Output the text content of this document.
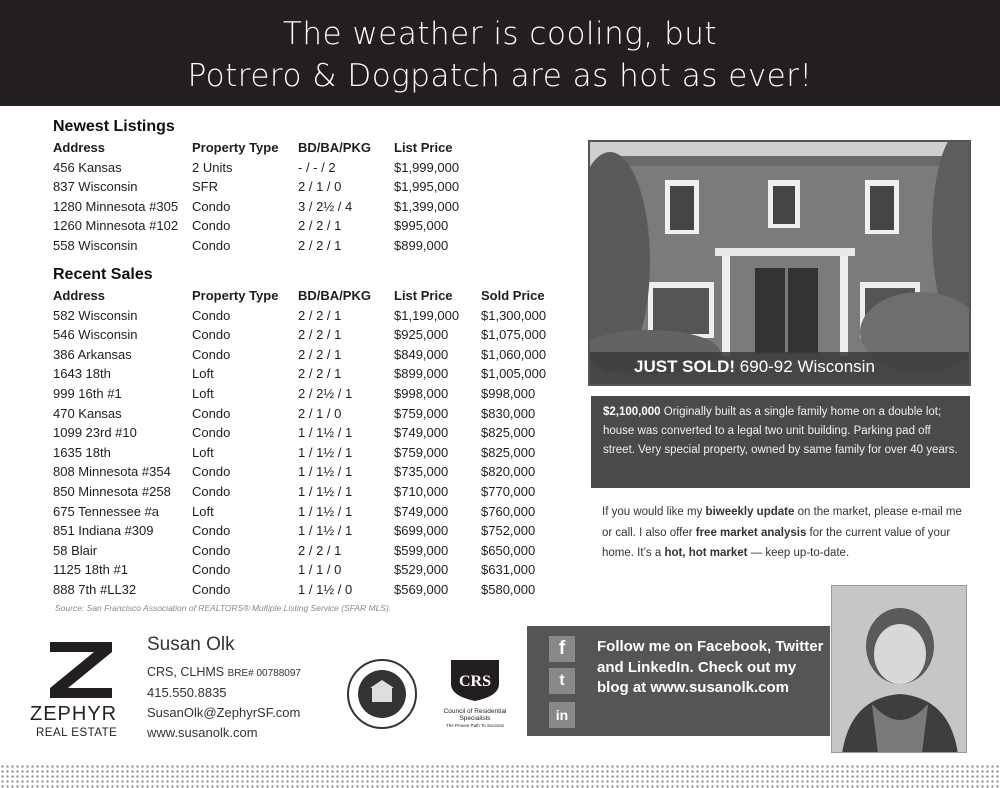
The weather is cooling, but
Potrero & Dogpatch are as hot as ever!
Newest Listings
Address	Property Type BD/BA/PKG List Price
456 Kansas	2 Units	- / - / 2	$1,999,000
837 Wisconsin	SFR	2 / 1 / 0	$1,995,000
1280 Minnesota #305 Condo	3 / 2½ / 4	$1,399,000
1260 Minnesota #102 Condo	2 / 2 / 1	$995,000
558 Wisconsin	Condo	2 / 2 / 1	$899,000
Recent Sales
Address	Property Type BD/BA/PKG List Price Sold Price
582 Wisconsin	Condo	2 / 2 / 1	$1,199,000 $1,300,000
546 Wisconsin	Condo	2 / 2 / 1	$925,000	$1,075,000
386 Arkansas	Condo	2 / 2 / 1	$849,000	$1,060,000
1643 18th	Loft	2 / 2 / 1	$899,000	$1,005,000
999 16th #1	Loft	2 / 2½ / 1	$998,000	$998,000
470 Kansas	Condo	2 / 1 / 0	$759,000	$830,000
1099 23rd #10	Condo	1 / 1½ / 1	$749,000	$825,000
1635 18th	Loft	1 / 1½ / 1	$759,000	$825,000
808 Minnesota #354 Condo	1 / 1½ / 1	$735,000	$820,000
850 Minnesota #258 Condo	1 / 1½ / 1	$710,000	$770,000
675 Tennessee #a	Loft	1 / 1½ / 1	$749,000	$760,000
851 Indiana #309	Condo	1 / 1½ / 1	$699,000	$752,000
58 Blair	Condo	2 / 2 / 1	$599,000	$650,000
1125 18th #1	Condo	1 / 1 / 0	$529,000	$631,000
888 7th #LL32	Condo	1 / 1½ / 0	$569,000	$580,000
Source: San Francisco Association of REALTORS® Multiple Listing Service (SFAR MLS).
JUST SOLD! 690-92 Wisconsin
$2,100,000 Originally built as a single family home on a double lot; house was converted to a legal two unit building. Parking pad off street. Very special property, owned by same family for over 40 years.
If you would like my biweekly update on the market, please e-mail me or call. I also offer free market analysis for the current value of your home. It’s a hot, hot market — keep up-to-date.
ZEPHYR
REAL ESTATE
Susan Olk
CRS, CLHMS BRE# 00788097
415.550.8835
SusanOlk@ZephyrSF.com
www.susanolk.com
CRS
Council of Residential Specialists
The Proven Path To Success
f
t
in
Follow me on Facebook, Twitter and LinkedIn. Check out my blog at www.susanolk.com
